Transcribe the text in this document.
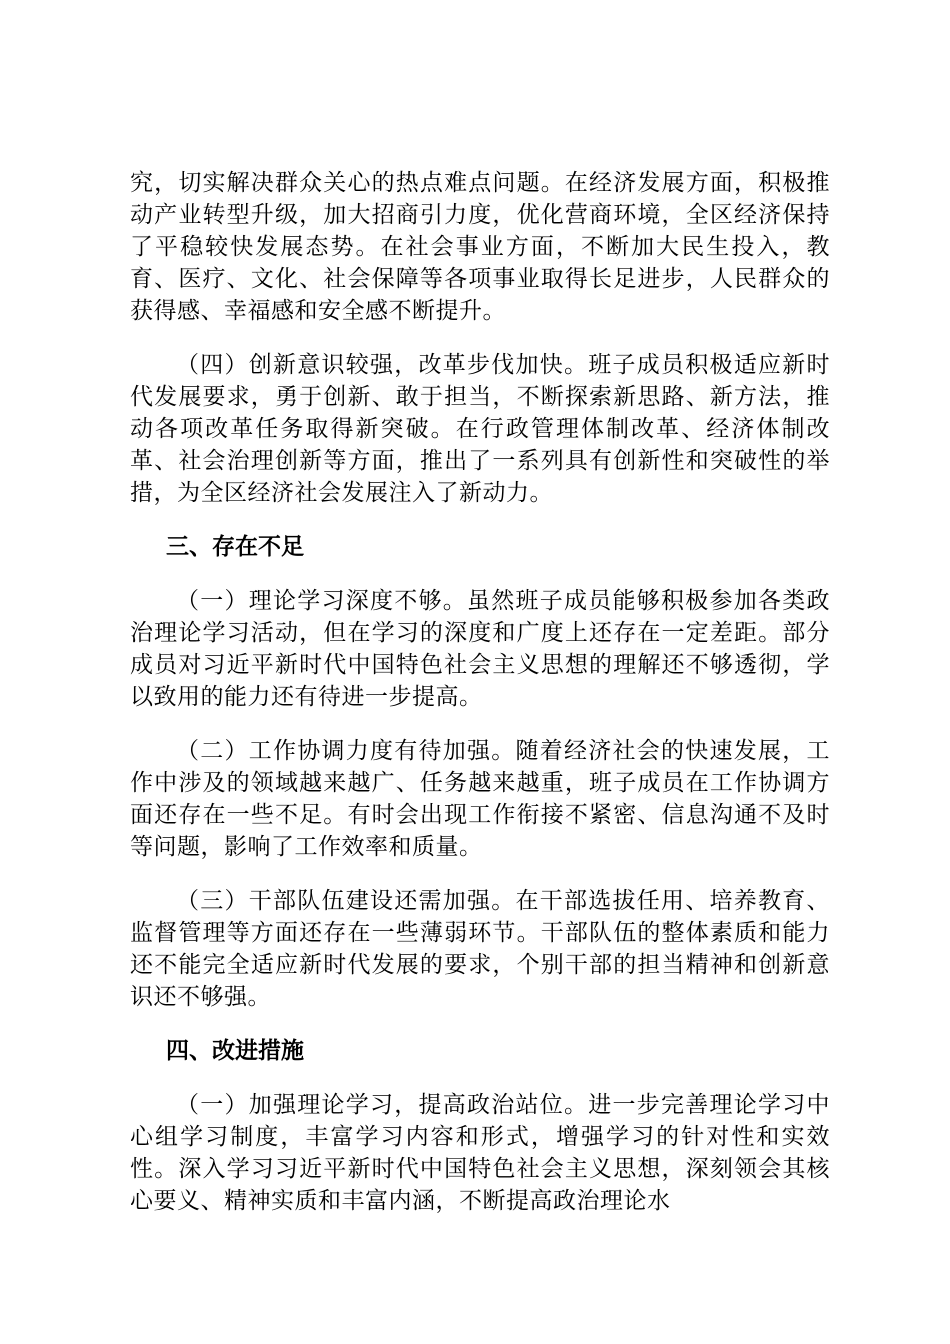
究，切实解决群众关心的热点难点问题。在经济发展方面，积极推动产业转型升级，加大招商引力度，优化营商环境，全区经济保持了平稳较快发展态势。在社会事业方面，不断加大民生投入，教育、医疗、文化、社会保障等各项事业取得长足进步，人民群众的获得感、幸福感和安全感不断提升。

（四）创新意识较强，改革步伐加快。班子成员积极适应新时代发展要求，勇于创新、敢于担当，不断探索新思路、新方法，推动各项改革任务取得新突破。在行政管理体制改革、经济体制改革、社会治理创新等方面，推出了一系列具有创新性和突破性的举措，为全区经济社会发展注入了新动力。

三、存在不足

（一）理论学习深度不够。虽然班子成员能够积极参加各类政治理论学习活动，但在学习的深度和广度上还存在一定差距。部分成员对习近平新时代中国特色社会主义思想的理解还不够透彻，学以致用的能力还有待进一步提高。

（二）工作协调力度有待加强。随着经济社会的快速发展，工作中涉及的领域越来越广、任务越来越重，班子成员在工作协调方面还存在一些不足。有时会出现工作衔接不紧密、信息沟通不及时等问题，影响了工作效率和质量。

（三）干部队伍建设还需加强。在干部选拔任用、培养教育、监督管理等方面还存在一些薄弱环节。干部队伍的整体素质和能力还不能完全适应新时代发展的要求，个别干部的担当精神和创新意识还不够强。

四、改进措施

（一）加强理论学习，提高政治站位。进一步完善理论学习中心组学习制度，丰富学习内容和形式，增强学习的针对性和实效性。深入学习习近平新时代中国特色社会主义思想，深刻领会其核心要义、精神实质和丰富内涵，不断提高政治理论水
